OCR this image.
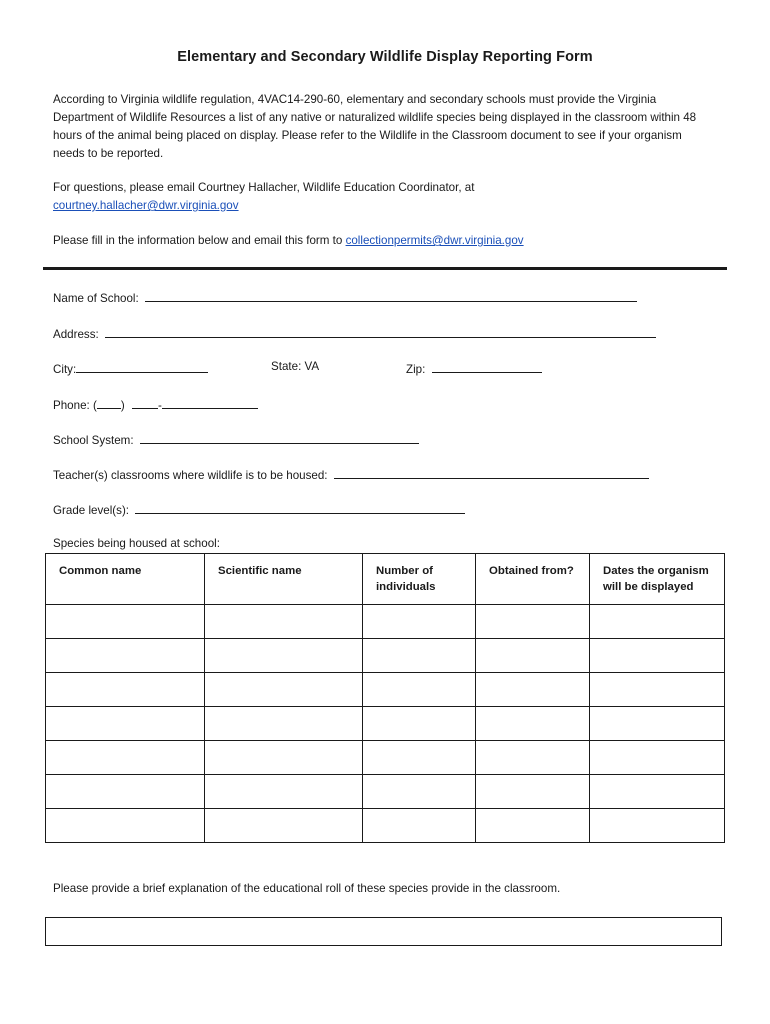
Elementary and Secondary Wildlife Display Reporting Form

According to Virginia wildlife regulation, 4VAC14-290-60, elementary and secondary schools must provide the Virginia Department of Wildlife Resources a list of any native or naturalized wildlife species being displayed in the classroom within 48 hours of the animal being placed on display. Please refer to the Wildlife in the Classroom document to see if your organism needs to be reported.

For questions, please email Courtney Hallacher, Wildlife Education Coordinator, at

courtney.hallacher@dwr.virginia.gov

Please fill in the information below and email this form to collectionpermits@dwr.virginia.gov

Name of School:
Address:
City:	State: VA	Zip:
Phone: ( )	-
School System:
Teacher(s) classrooms where wildlife is to be housed:
Grade level(s):
Species being housed at school:
Common name	Scientific name	Number of individuals	Obtained from?	Dates the organism will be displayed

Please provide a brief explanation of the educational roll of these species provide in the classroom.
